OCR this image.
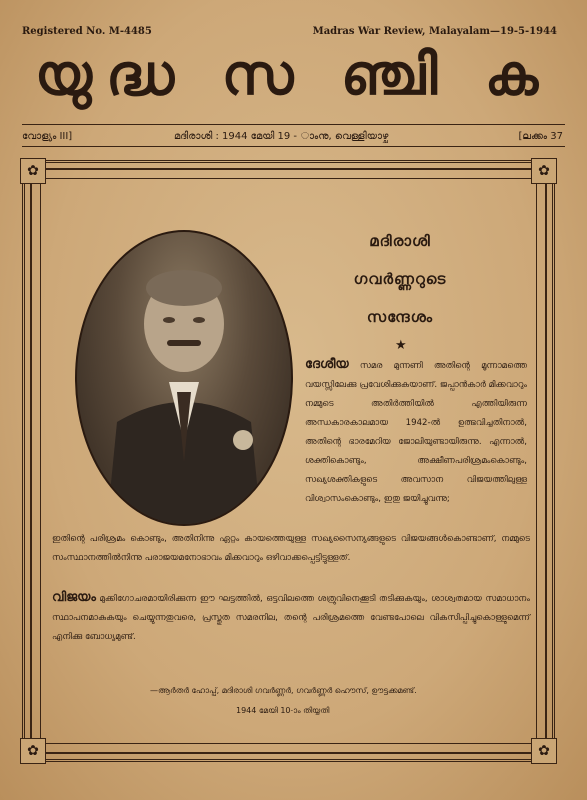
Registered No. M-4485	Madras War Review, Malayalam—19-5-1944
യുദ്ധ സ ഞ്ചി ക
വോള്യം III]	മദിരാശി : 1944 മേയി 19 - ാംനു, വെള്ളിയാഴ്ച	[ലക്കം 37
✿	✿
✿	✿
മദിരാശി
ഗവർണ്ണറുടെ
സന്ദേശം
★
ദേശീയ സമര മുന്നണി അതിന്റെ മൂന്നാമത്തെ വയസ്സിലേക്കു പ്രവേശിക്കുകയാണ്. ജപ്പാൻകാർ മിക്കവാറും നമ്മുടെ അതിർത്തിയിൽ എത്തിയിരുന്ന അന്ധകാരകാലമായ 1942-ൽ ഉത്ഭവിച്ചതിനാൽ, അതിന്റെ ഭാരമേറിയ ജോലിയുണ്ടായിരുന്നു. എന്നാൽ, ശക്തികൊണ്ടും, അക്ഷീണപരിശ്രമംകൊണ്ടും, സഖ്യശക്തികളുടെ അവസാന വിജയത്തിലുള്ള വിശ്വാസംകൊണ്ടും, ഇതു ജയിച്ചുവന്നു;
ഇതിന്റെ പരിശ്രമം കൊണ്ടും, അതിനിന്നു ഏറ്റം കായത്തെയുള്ള സഖ്യസൈന്യങ്ങളുടെ വിജയങ്ങൾകൊണ്ടാണ്, നമ്മുടെ സംസ്ഥാനത്തിൽനിന്നു പരാജയമനോഭാവം മിക്കവാറും ഒഴിവാക്കപ്പെട്ടിട്ടുള്ളത്.
വിജയം മുക്കിഗോചരമായിരിക്കുന്ന ഈ ഘട്ടത്തിൽ, ഒട്ടവിലത്തെ ശത്രുവിനെക്കൂടി തടിക്കുകയും, ശാശ്വതമായ സമാധാനം സ്ഥാപനമാകുകയും ചെയ്യുന്നതുവരെ, പ്രസ്തുത സമരനില, തന്റെ പരിശ്രമത്തെ വേണ്ടപോലെ വികസിപ്പിച്ചുകൊള്ളുമെന്ന് എനിക്കു ബോധ്യമുണ്ട്.
—ആർതർ ഹോപ്പ്, മദിരാശി ഗവർണ്ണർ, ഗവർണ്ണർ ഹൌസ്, ഊട്ടക്കമണ്ട്.
1944 മേയി 10-ാം തിയ്യതി
